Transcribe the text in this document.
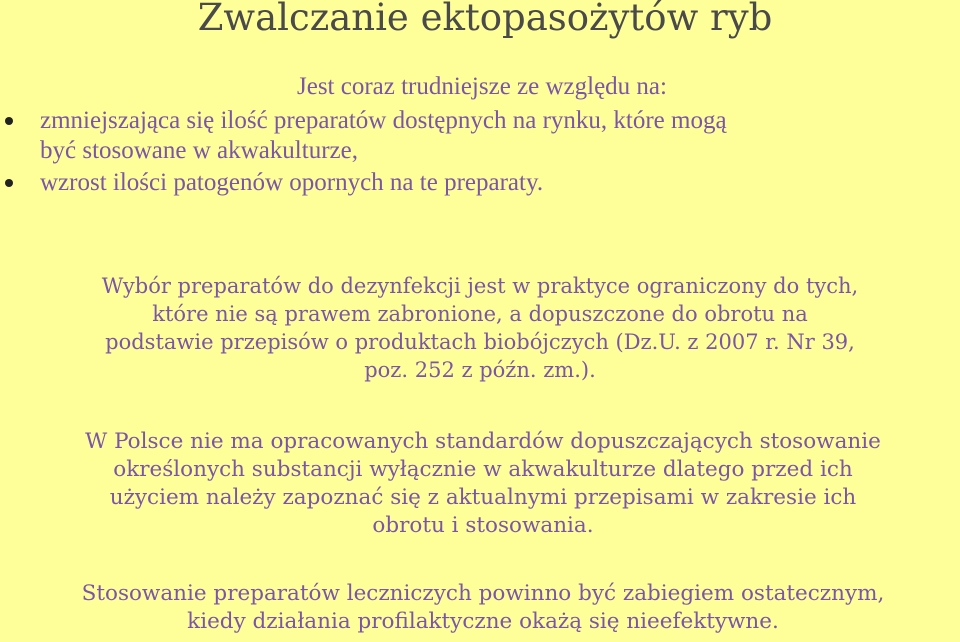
Zwalczanie ektopasożytów ryb
Jest coraz trudniejsze ze względu na:
zmniejszająca się ilość preparatów dostępnych na rynku, które mogą
być stosowane w akwakulturze,
wzrost ilości patogenów opornych na te preparaty.

Wybór preparatów do dezynfekcji jest w praktyce ograniczony do tych,
które nie są prawem zabronione, a dopuszczone do obrotu na
podstawie przepisów o produktach biobójczych (Dz.U. z 2007 r. Nr 39,
poz. 252 z późn. zm.).

W Polsce nie ma opracowanych standardów dopuszczających stosowanie
określonych substancji wyłącznie w akwakulturze dlatego przed ich
użyciem należy zapoznać się z aktualnymi przepisami w zakresie ich
obrotu i stosowania.

Stosowanie preparatów leczniczych powinno być zabiegiem ostatecznym,
kiedy działania profilaktyczne okażą się nieefektywne.
